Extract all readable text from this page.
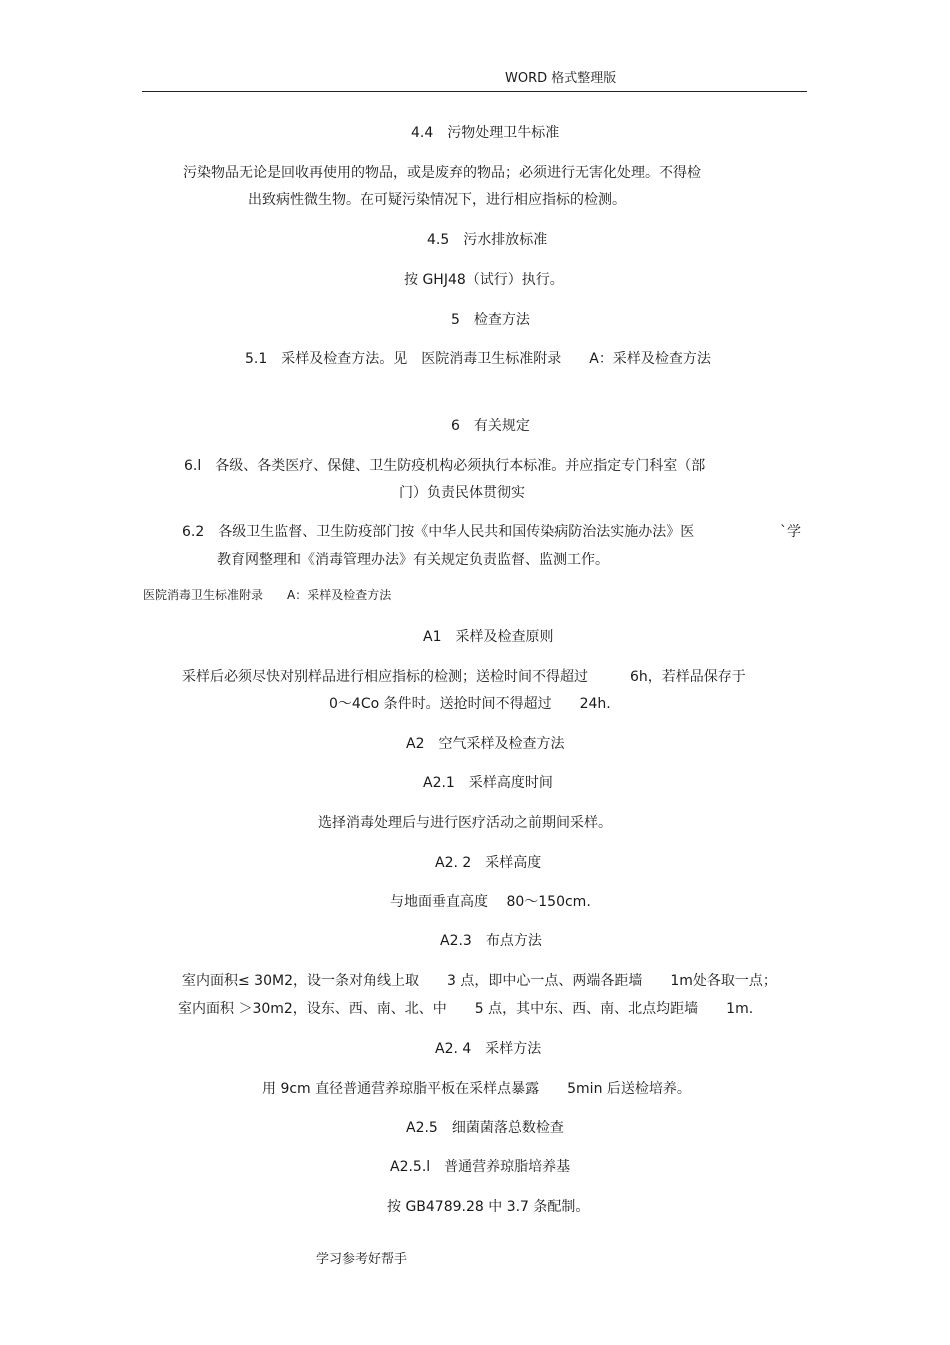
WORD 格式整理版
4.4　污物处理卫牛标准
污染物品无论是回收再使用的物品，或是废弃的物品；必须进行无害化处理。不得检
出致病性微生物。在可疑污染情况下，进行相应指标的检测。
4.5　污水排放标准
按 GHJ48（试行）执行。
5　检查方法
5.1　采样及检查方法。见　医院消毒卫生标准附录　　A：采样及检查方法
6　有关规定
6.l　各级、各类医疗、保健、卫生防疫机构必须执行本标准。并应指定专门科室（部
门）负责民体贯彻实
6.2　各级卫生监督、卫生防疫部门按《中华人民共和国传染病防治法实施办法》医	`学
教育网整理和《消毒管理办法》有关规定负责监督、监测工作。
医院消毒卫生标准附录　　A：采样及检查方法
A1　采样及检查原则
采样后必须尽快对别样品进行相应指标的检测；送检时间不得超过　　　6h，若样品保存于
0～4Co 条件时。送抢时间不得超过　　24h.
A2　空气采样及检查方法
A2.1　采样高度时间
选择消毒处理后与进行医疗活动之前期间采样。
A2. 2　采样高度
与地面垂直高度　 80～150cm.
A2.3　布点方法
室内面积≤ 30M2，设一条对角线上取　　3 点，即中心一点、两端各距墙　　1m处各取一点；
室内面积 ＞30m2，设东、西、南、北、中　　5 点，其中东、西、南、北点均距墙　　1m.
A2. 4　采样方法
用 9cm 直径普通营养琼脂平板在采样点暴露　　5min 后送检培养。
A2.5　细菌菌落总数检查
A2.5.l　普通营养琼脂培养基
按 GB4789.28 中 3.7 条配制。
学习参考好帮手
